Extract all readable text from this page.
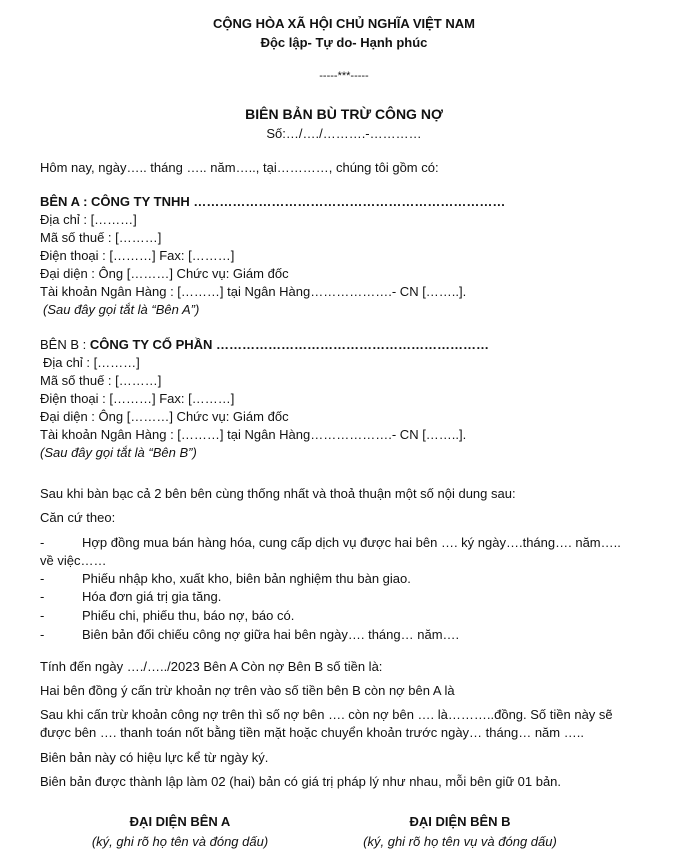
CỘNG HÒA XÃ HỘI CHỦ NGHĨA VIỆT NAM
Độc lập- Tự do- Hạnh phúc
-----***-----
BIÊN BẢN BÙ TRỪ CÔNG NỢ
Số:…/…./……….-…………
Hôm nay, ngày….. tháng ….. năm….., tại…………, chúng tôi gồm có:
BÊN A : CÔNG TY TNHH ………………………………………………………………
Địa chỉ : [………]
Mã số thuế : [………]
Điện thoại : [………] Fax: [………]
Đại diện : Ông [………] Chức vụ: Giám đốc
Tài khoản Ngân Hàng : [………] tại Ngân Hàng……………….- CN [……..].
(Sau đây gọi tắt là “Bên A”)
BÊN B : CÔNG TY CỔ PHẦN ………………………………………………………
Địa chỉ : [………]
Mã số thuế : [………]
Điện thoại : [………] Fax: [………]
Đại diện : Ông [………] Chức vụ: Giám đốc
Tài khoản Ngân Hàng : [………] tại Ngân Hàng……………….- CN [……..].
(Sau đây gọi tắt là “Bên B”)
Sau khi bàn bạc cả 2 bên bên cùng thống nhất và thoả thuận một số nội dung sau:
Căn cứ theo:
-	Hợp đồng mua bán hàng hóa, cung cấp dịch vụ được hai bên …. ký ngày….tháng…. năm…..
về việc……
-	Phiếu nhập kho, xuất kho, biên bản nghiệm thu bàn giao.
-	Hóa đơn giá trị gia tăng.
-	Phiếu chi, phiếu thu, báo nợ, báo có.
-	Biên bản đối chiếu công nợ giữa hai bên ngày…. tháng… năm….
Tính đến ngày …./…../2023 Bên A Còn nợ Bên B số tiền là:
Hai bên đồng ý cấn trừ khoản nợ trên vào số tiền bên B còn nợ bên A là
Sau khi cấn trừ khoản công nợ trên thì số nợ bên …. còn nợ bên …. là………..đồng. Số tiền này sẽ
được bên …. thanh toán nốt bằng tiền mặt hoặc chuyển khoản trước ngày… tháng… năm …..
Biên bản này có hiệu lực kể từ ngày ký.
Biên bản được thành lập làm 02 (hai) bản có giá trị pháp lý như nhau, mỗi bên giữ 01 bản.
ĐẠI DIỆN BÊN A
(ký, ghi rõ họ tên và đóng dấu)
ĐẠI DIỆN BÊN B
(ký, ghi rõ họ tên vụ và đóng dấu)
